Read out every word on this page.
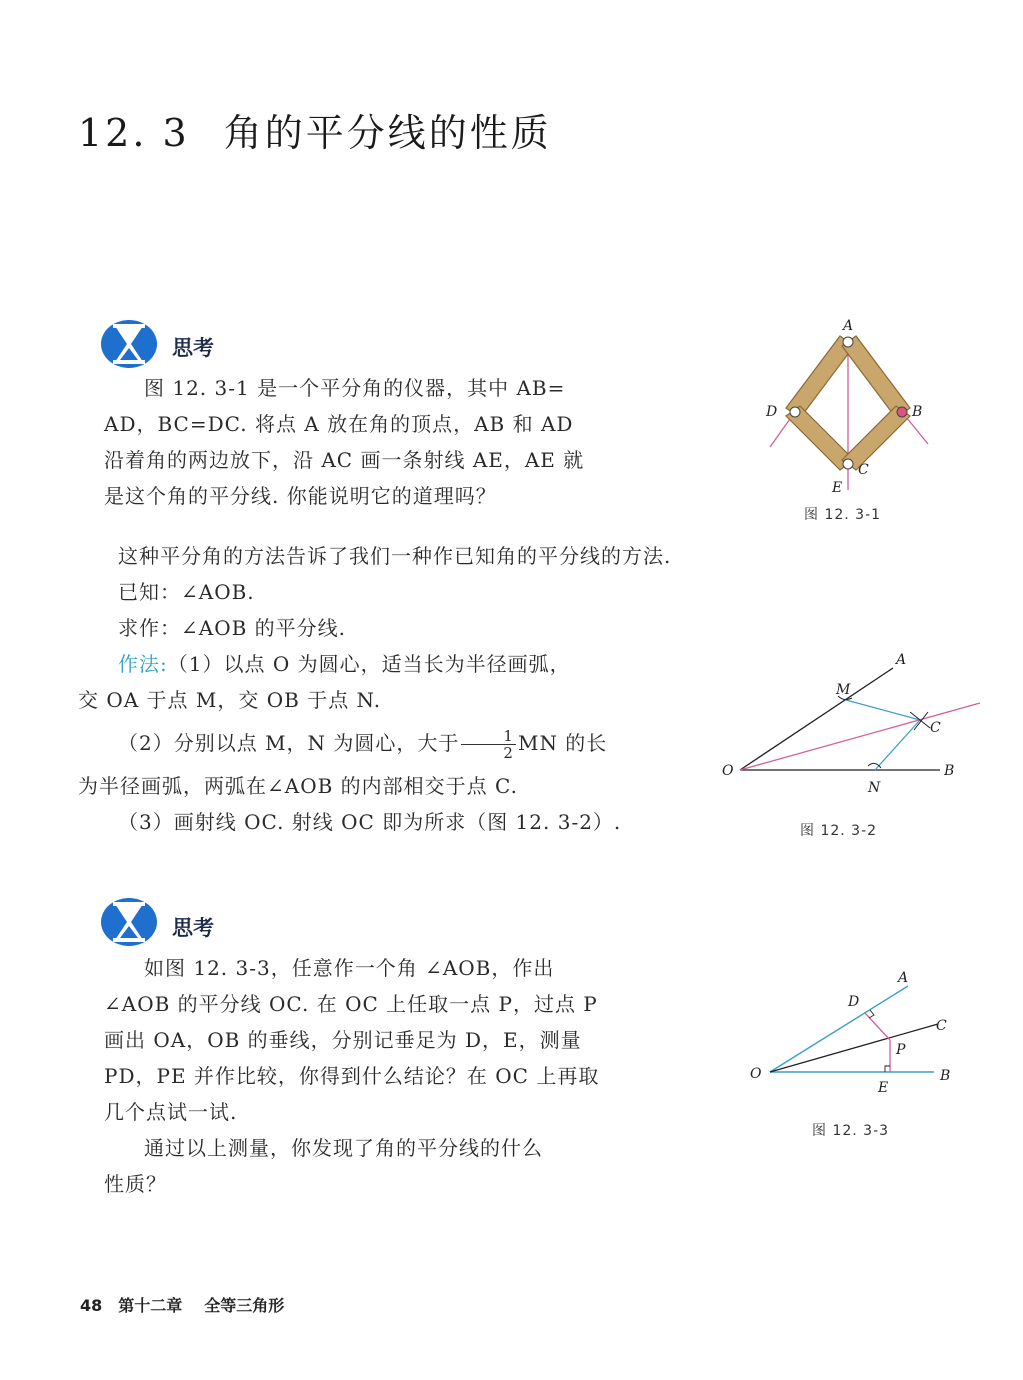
12. 3 角的平分线的性质
思考

图 12. 3-1 是一个平分角的仪器，其中 AB=

AD，BC=DC. 将点 A 放在角的顶点，AB 和 AD

沿着角的两边放下，沿 AC 画一条射线 AE，AE 就

是这个角的平分线. 你能说明它的道理吗？

A
B
C
D
E
图 12. 3-1

这种平分角的方法告诉了我们一种作已知角的平分线的方法.

已知：∠AOB.

求作：∠AOB 的平分线.

作法:（1）以点 O 为圆心，适当长为半径画弧，

交 OA 于点 M，交 OB 于点 N.

（2）分别以点 M，N 为圆心，大于 $\frac{1}{2}$ MN 的长

为半径画弧，两弧在∠AOB 的内部相交于点 C.

（3）画射线 OC. 射线 OC 即为所求（图 12. 3-2）.

A
M
C
O
N
B
图 12. 3-2
思考

如图 12. 3-3，任意作一个角 ∠AOB，作出

∠AOB 的平分线 OC. 在 OC 上任取一点 P，过点 P

画出 OA，OB 的垂线，分别记垂足为 D，E，测量

PD，PE 并作比较，你得到什么结论？在 OC 上再取

几个点试一试.

通过以上测量，你发现了角的平分线的什么

性质？

A
D
C
P
O
E
B
图 12. 3-3
48 第十二章 全等三角形
